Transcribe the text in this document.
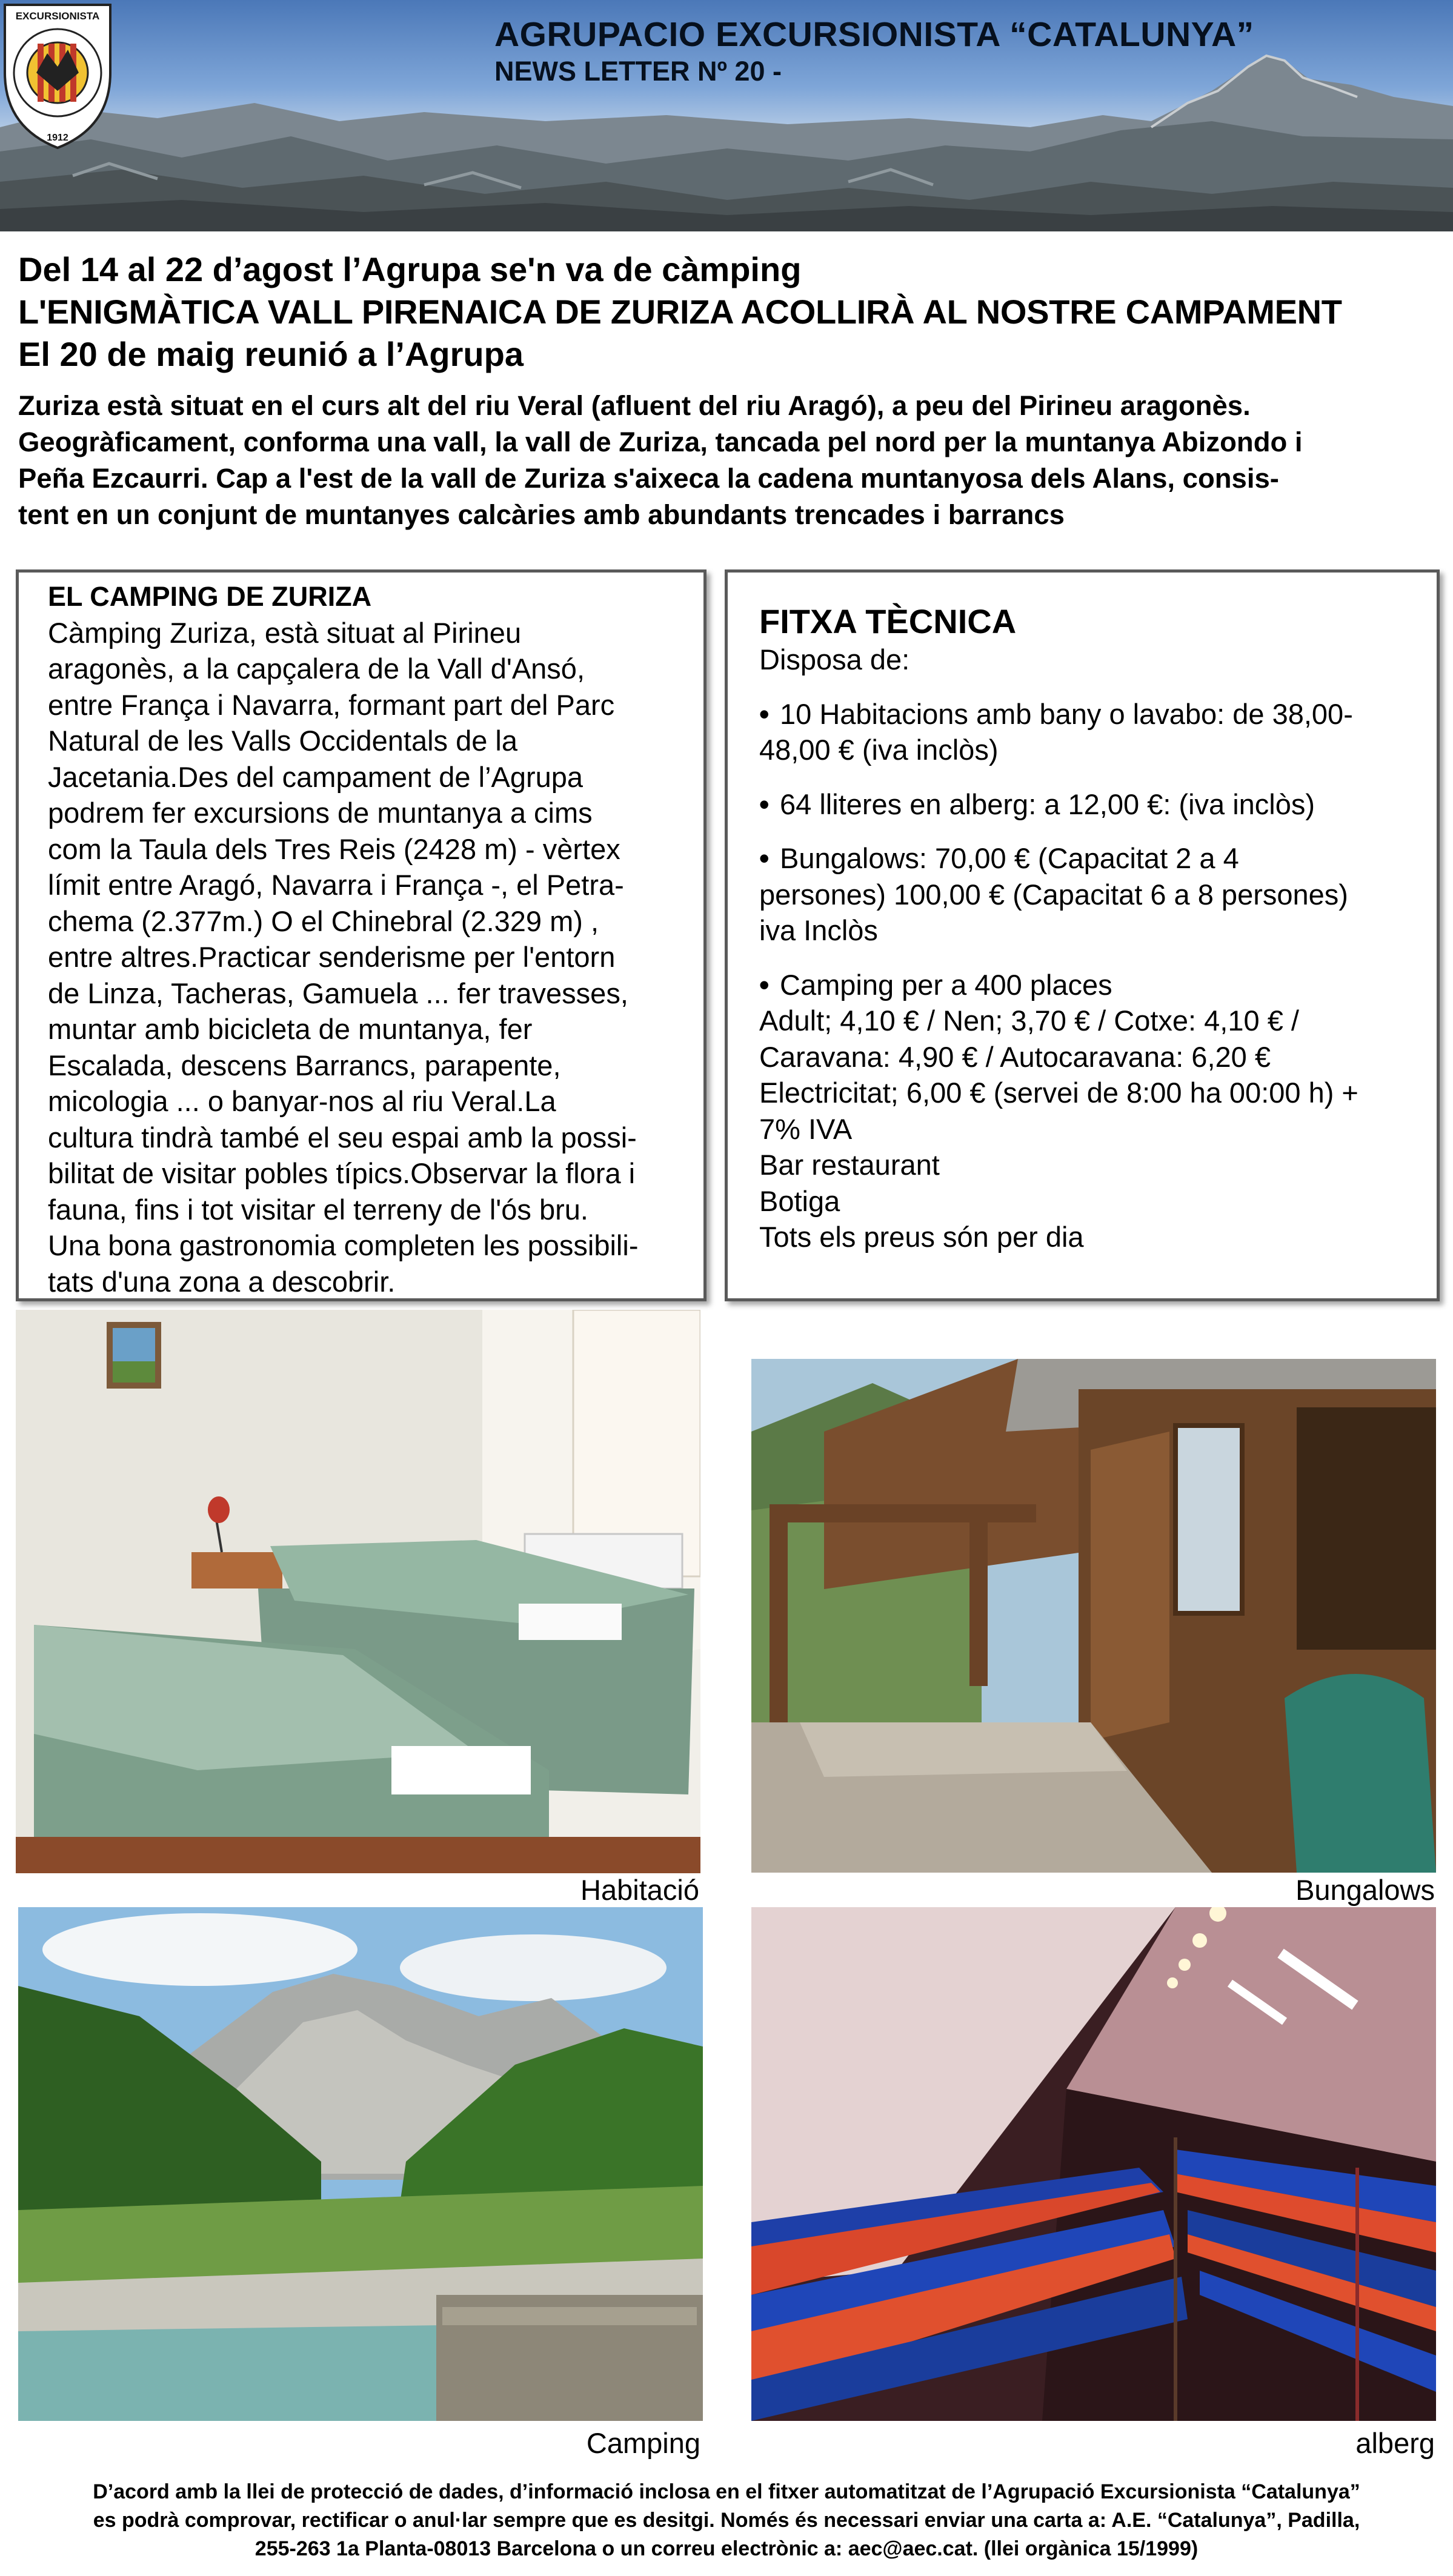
EXCURSIONISTA
1912
AGRUPACIO EXCURSIONISTA “CATALUNYA”
NEWS LETTER Nº 20 -
Del 14 al 22 d’agost l’Agrupa se'n va de càmping
L'ENIGMÀTICA VALL PIRENAICA DE ZURIZA ACOLLIRÀ AL NOSTRE CAMPAMENT
El 20 de maig reunió a l’Agrupa
Zuriza està situat en el curs alt del riu Veral (afluent del riu Aragó), a peu del Pirineu aragonès.
Geogràficament, conforma una vall, la vall de Zuriza, tancada pel nord per la muntanya Abizondo i
Peña Ezcaurri. Cap a l'est de la vall de Zuriza s'aixeca la cadena muntanyosa dels Alans, consis-
tent en un conjunt de muntanyes calcàries amb abundants trencades i barrancs
EL CAMPING DE ZURIZA
Càmping Zuriza, està situat al Pirineu
aragonès, a la capçalera de la Vall d'Ansó,
entre França i Navarra, formant part del Parc
Natural de les Valls Occidentals de la
Jacetania.Des del campament de l’Agrupa
podrem fer excursions de muntanya a cims
com la Taula dels Tres Reis (2428 m) - vèrtex
límit entre Aragó, Navarra i França -, el Petra-
chema (2.377m.) O el Chinebral (2.329 m) ,
entre altres.Practicar senderisme per l'entorn
de Linza, Tacheras, Gamuela ... fer travesses,
muntar amb bicicleta de muntanya, fer
Escalada, descens Barrancs, parapente,
micologia ... o banyar-nos al riu Veral.La
cultura tindrà també el seu espai amb la possi-
bilitat de visitar pobles típics.Observar la flora i
fauna, fins i tot visitar el terreny de l'ós bru.
Una bona gastronomia completen les possibili-
tats d'una zona a descobrir.
FITXA TÈCNICA
Disposa de:
• 10 Habitacions amb bany o lavabo: de 38,00-
48,00 € (iva inclòs)
• 64 lliteres en alberg: a 12,00 €: (iva inclòs)
• Bungalows: 70,00 € (Capacitat 2 a 4
persones) 100,00 € (Capacitat 6 a 8 persones)
iva Inclòs
• Camping per a 400 places
Adult; 4,10 € / Nen; 3,70 € / Cotxe: 4,10 € /
Caravana: 4,90 € / Autocaravana: 6,20 €
Electricitat; 6,00 € (servei de 8:00 ha 00:00 h) +
7% IVA
Bar restaurant
Botiga
Tots els preus són per dia
Habitació	Bungalows
Camping	alberg
D’acord amb la llei de protecció de dades, d’informació inclosa en el fitxer automatitzat de l’Agrupació Excursionista “Catalunya”
es podrà comprovar, rectificar o anul·lar sempre que es desitgi. Només és necessari enviar una carta a: A.E. “Catalunya”, Padilla,
255-263 1a Planta-08013 Barcelona o un correu electrònic a: aec@aec.cat. (llei orgànica 15/1999)
